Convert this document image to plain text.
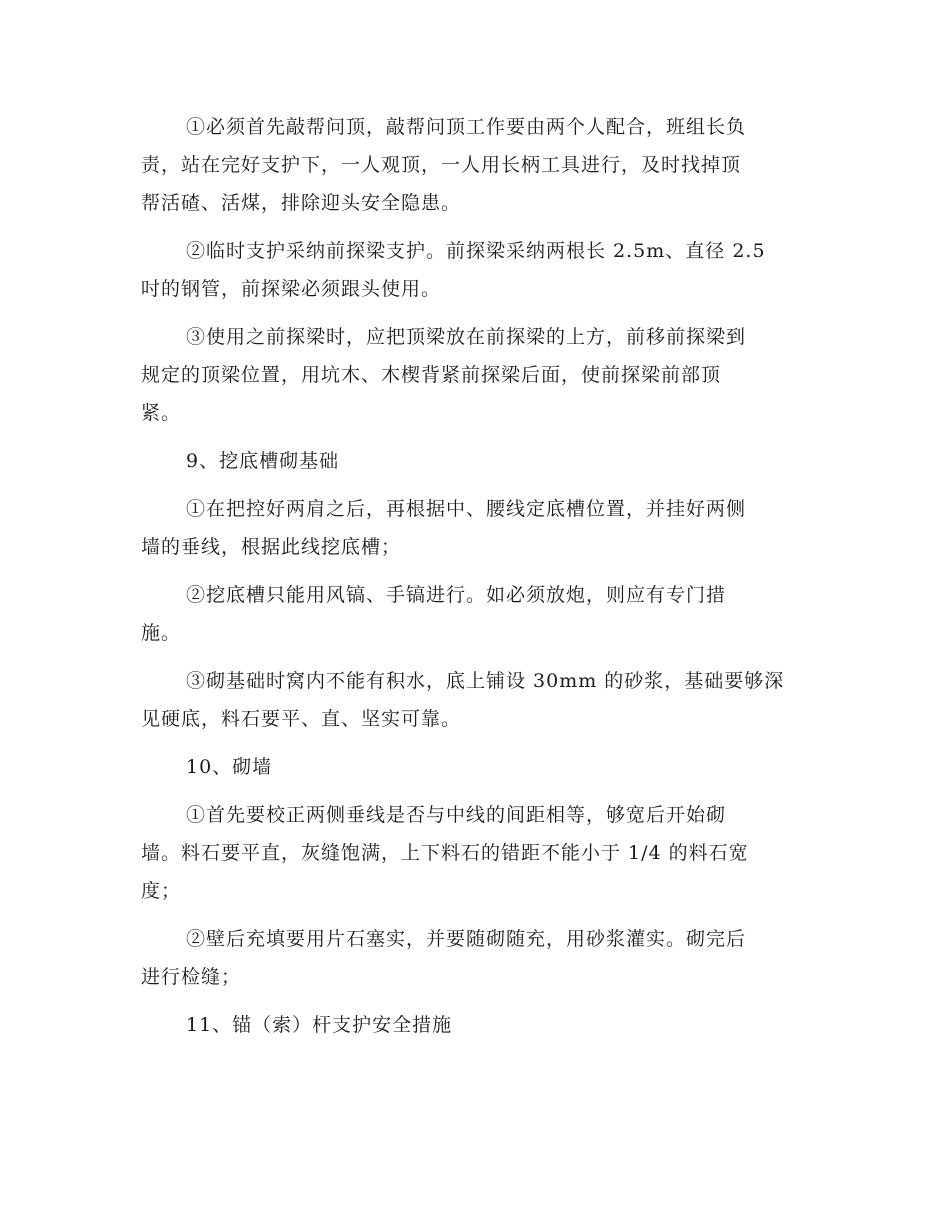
①必须首先敲帮问顶，敲帮问顶工作要由两个人配合，班组长负
责，站在完好支护下，一人观顶，一人用长柄工具进行，及时找掉顶
帮活碴、活煤，排除迎头安全隐患。
②临时支护采纳前探梁支护。前探梁采纳两根长 2.5m、直径 2.5
吋的钢管，前探梁必须跟头使用。
③使用之前探梁时，应把顶梁放在前探梁的上方，前移前探梁到
规定的顶梁位置，用坑木、木楔背紧前探梁后面，使前探梁前部顶
紧。
9、挖底槽砌基础
①在把控好两肩之后，再根据中、腰线定底槽位置，并挂好两侧
墙的垂线，根据此线挖底槽；
②挖底槽只能用风镐、手镐进行。如必须放炮，则应有专门措
施。
③砌基础时窝内不能有积水，底上铺设 30mm 的砂浆，基础要够深
见硬底，料石要平、直、坚实可靠。
10、砌墙
①首先要校正两侧垂线是否与中线的间距相等，够宽后开始砌
墙。料石要平直，灰缝饱满，上下料石的错距不能小于 1/4 的料石宽
度；
②壁后充填要用片石塞实，并要随砌随充，用砂浆灌实。砌完后
进行检缝；
11、锚（索）杆支护安全措施
